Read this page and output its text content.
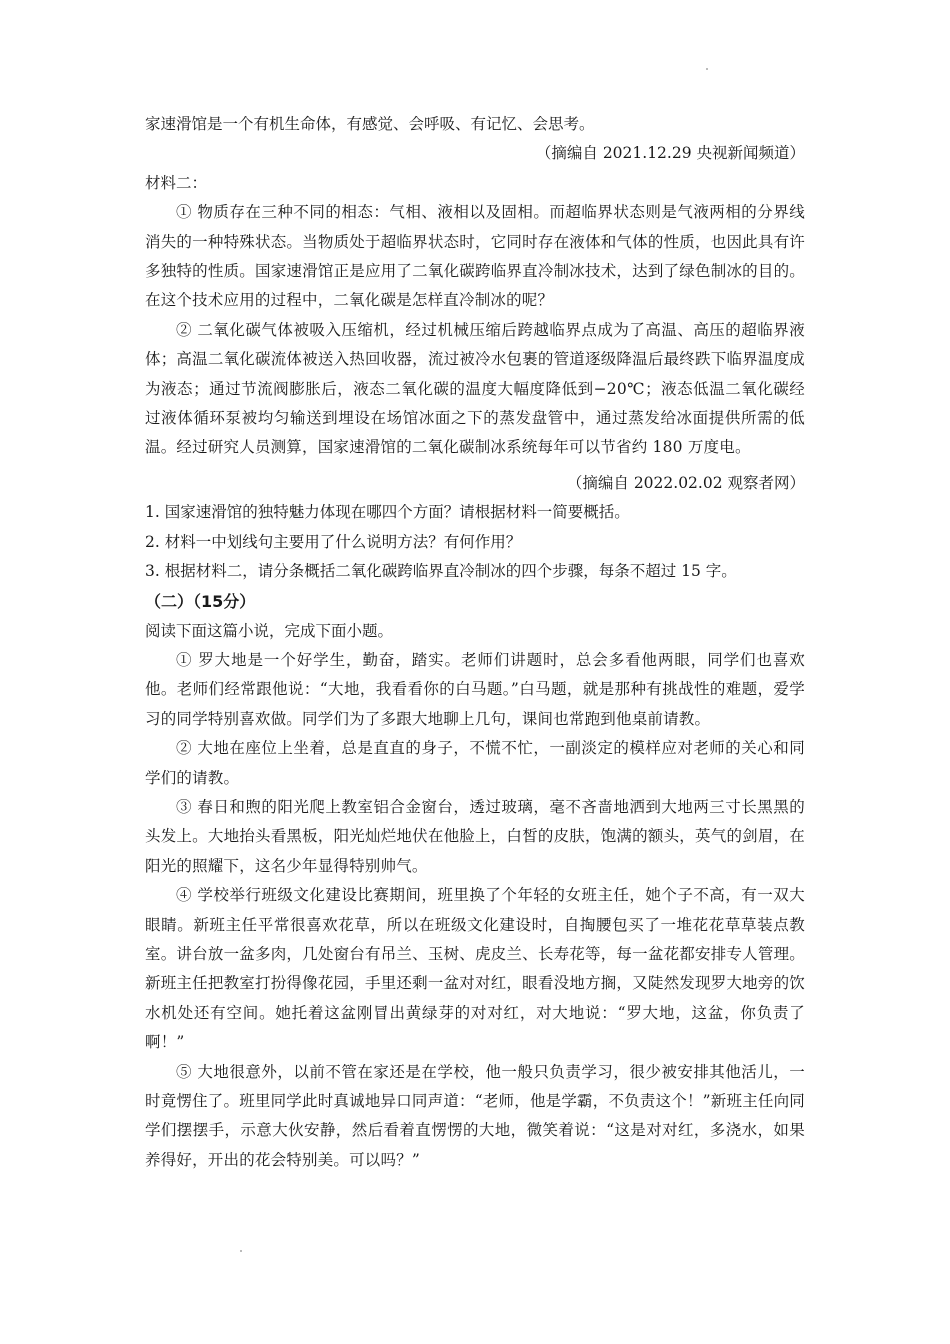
家速滑馆是一个有机生命体，有感觉、会呼吸、有记忆、会思考。

（摘编自 2021.12.29 央视新闻频道）

材料二：

① 物质存在三种不同的相态：气相、液相以及固相。而超临界状态则是气液两相的分界线消失的一种特殊状态。当物质处于超临界状态时，它同时存在液体和气体的性质，也因此具有许多独特的性质。国家速滑馆正是应用了二氧化碳跨临界直冷制冰技术，达到了绿色制冰的目的。在这个技术应用的过程中，二氧化碳是怎样直冷制冰的呢？

② 二氧化碳气体被吸入压缩机，经过机械压缩后跨越临界点成为了高温、高压的超临界液体；高温二氧化碳流体被送入热回收器，流过被冷水包裹的管道逐级降温后最终跌下临界温度成为液态；通过节流阀膨胀后，液态二氧化碳的温度大幅度降低到−20℃；液态低温二氧化碳经过液体循环泵被均匀输送到埋设在场馆冰面之下的蒸发盘管中，通过蒸发给冰面提供所需的低温。经过研究人员测算，国家速滑馆的二氧化碳制冰系统每年可以节省约 180 万度电。

（摘编自 2022.02.02 观察者网）

1. 国家速滑馆的独特魅力体现在哪四个方面？请根据材料一简要概括。

2. 材料一中划线句主要用了什么说明方法？有何作用？

3. 根据材料二，请分条概括二氧化碳跨临界直冷制冰的四个步骤，每条不超过 15 字。

（二）（15分）

阅读下面这篇小说，完成下面小题。

① 罗大地是一个好学生，勤奋，踏实。老师们讲题时，总会多看他两眼，同学们也喜欢他。老师们经常跟他说：“大地，我看看你的白马题。”白马题，就是那种有挑战性的难题，爱学习的同学特别喜欢做。同学们为了多跟大地聊上几句，课间也常跑到他桌前请教。

② 大地在座位上坐着，总是直直的身子，不慌不忙，一副淡定的模样应对老师的关心和同学们的请教。

③ 春日和煦的阳光爬上教室铝合金窗台，透过玻璃，毫不吝啬地洒到大地两三寸长黑黑的头发上。大地抬头看黑板，阳光灿烂地伏在他脸上，白皙的皮肤，饱满的额头，英气的剑眉，在阳光的照耀下，这名少年显得特别帅气。

④ 学校举行班级文化建设比赛期间，班里换了个年轻的女班主任，她个子不高，有一双大眼睛。新班主任平常很喜欢花草，所以在班级文化建设时，自掏腰包买了一堆花花草草装点教室。讲台放一盆多肉，几处窗台有吊兰、玉树、虎皮兰、长寿花等，每一盆花都安排专人管理。新班主任把教室打扮得像花园，手里还剩一盆对对红，眼看没地方搁，又陡然发现罗大地旁的饮水机处还有空间。她托着这盆刚冒出黄绿芽的对对红，对大地说：“罗大地，这盆，你负责了啊！”

⑤ 大地很意外，以前不管在家还是在学校，他一般只负责学习，很少被安排其他活儿，一时竟愣住了。班里同学此时真诚地异口同声道：“老师，他是学霸，不负责这个！”新班主任向同学们摆摆手，示意大伙安静，然后看着直愣愣的大地，微笑着说：“这是对对红，多浇水，如果养得好，开出的花会特别美。可以吗？”
